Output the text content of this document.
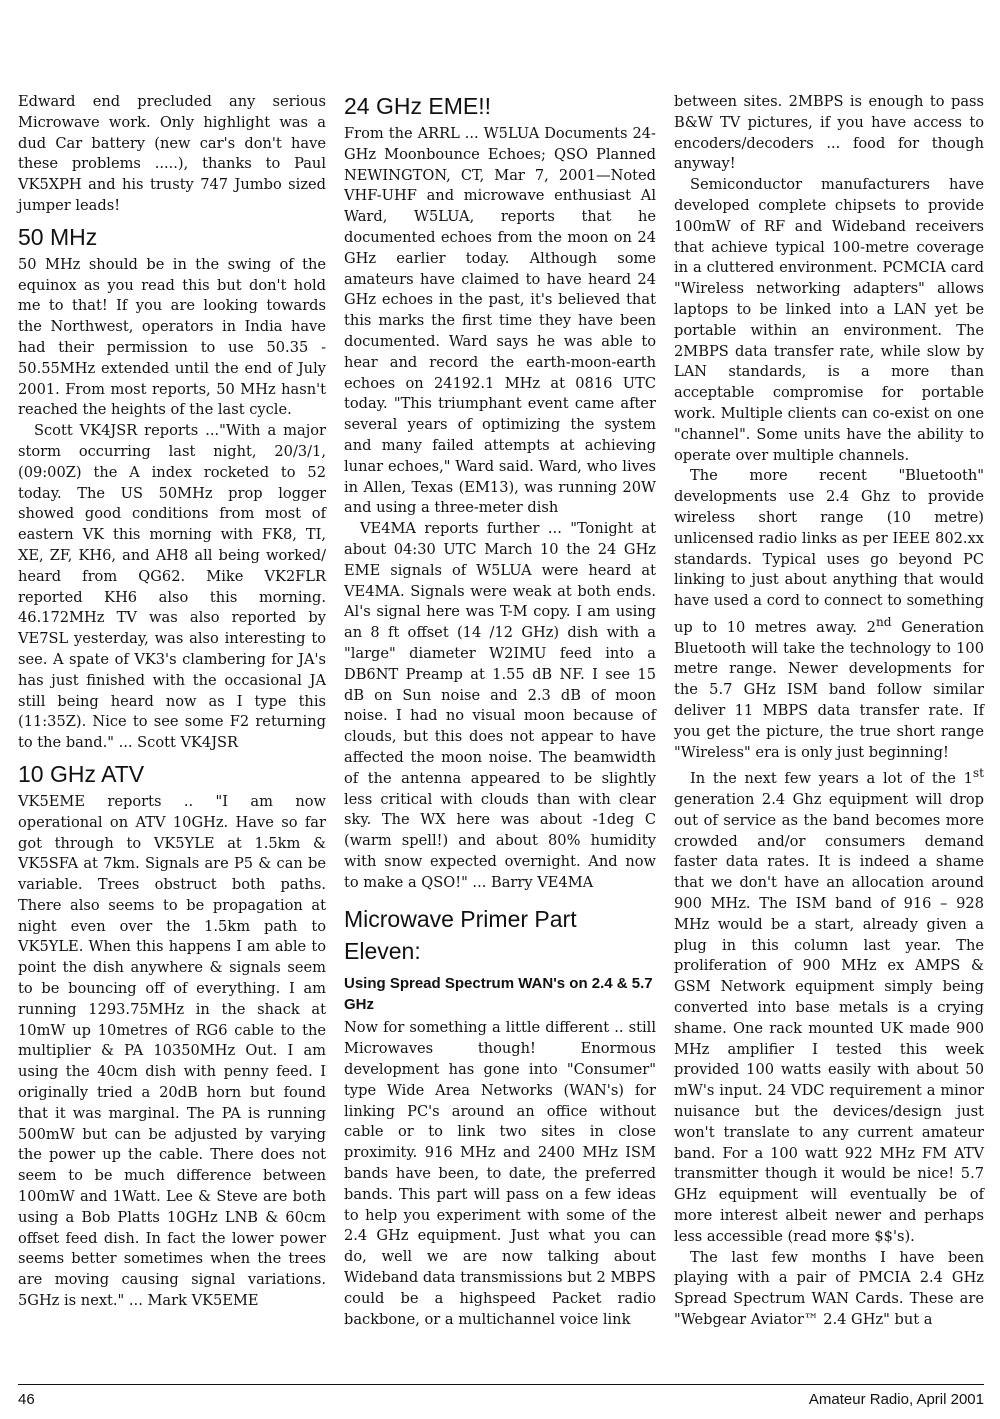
Edward end precluded any serious Microwave work. Only highlight was a dud Car battery (new car's don't have these problems .....), thanks to Paul VK5XPH and his trusty 747 Jumbo sized jumper leads!

50 MHz

50 MHz should be in the swing of the equinox as you read this but don't hold me to that! If you are looking towards the Northwest, operators in India have had their permission to use 50.35 - 50.55MHz extended until the end of July 2001. From most reports, 50 MHz hasn't reached the heights of the last cycle.

Scott VK4JSR reports ..."With a major storm occurring last night, 20/3/1, (09:00Z) the A index rocketed to 52 today. The US 50MHz prop logger showed good conditions from most of eastern VK this morning with FK8, TI, XE, ZF, KH6, and AH8 all being worked/ heard from QG62. Mike VK2FLR reported KH6 also this morning. 46.172MHz TV was also reported by VE7SL yesterday, was also interesting to see. A spate of VK3's clambering for JA's has just finished with the occasional JA still being heard now as I type this (11:35Z). Nice to see some F2 returning to the band." ... Scott VK4JSR

10 GHz ATV

VK5EME reports .. "I am now operational on ATV 10GHz. Have so far got through to VK5YLE at 1.5km & VK5SFA at 7km. Signals are P5 & can be variable. Trees obstruct both paths. There also seems to be propagation at night even over the 1.5km path to VK5YLE. When this happens I am able to point the dish anywhere & signals seem to be bouncing off of everything. I am running 1293.75MHz in the shack at 10mW up 10metres of RG6 cable to the multiplier & PA 10350MHz Out. I am using the 40cm dish with penny feed. I originally tried a 20dB horn but found that it was marginal. The PA is running 500mW but can be adjusted by varying the power up the cable. There does not seem to be much difference between 100mW and 1Watt. Lee & Steve are both using a Bob Platts 10GHz LNB & 60cm offset feed dish. In fact the lower power seems better sometimes when the trees are moving causing signal variations. 5GHz is next." ... Mark VK5EME

24 GHz EME!!

From the ARRL ... W5LUA Documents 24-GHz Moonbounce Echoes; QSO Planned NEWINGTON, CT, Mar 7, 2001—Noted VHF-UHF and microwave enthusiast Al Ward, W5LUA, reports that he documented echoes from the moon on 24 GHz earlier today. Although some amateurs have claimed to have heard 24 GHz echoes in the past, it's believed that this marks the first time they have been documented. Ward says he was able to hear and record the earth-moon-earth echoes on 24192.1 MHz at 0816 UTC today. "This triumphant event came after several years of optimizing the system and many failed attempts at achieving lunar echoes," Ward said. Ward, who lives in Allen, Texas (EM13), was running 20W and using a three-meter dish

VE4MA reports further ... "Tonight at about 04:30 UTC March 10 the 24 GHz EME signals of W5LUA were heard at VE4MA. Signals were weak at both ends. Al's signal here was T-M copy. I am using an 8 ft offset (14 /12 GHz) dish with a "large" diameter W2IMU feed into a DB6NT Preamp at 1.55 dB NF. I see 15 dB on Sun noise and 2.3 dB of moon noise. I had no visual moon because of clouds, but this does not appear to have affected the moon noise. The beamwidth of the antenna appeared to be slightly less critical with clouds than with clear sky. The WX here was about -1deg C (warm spell!) and about 80% humidity with snow expected overnight. And now to make a QSO!" ... Barry VE4MA

Microwave Primer Part Eleven:
Using Spread Spectrum WAN's on 2.4 & 5.7 GHz

Now for something a little different .. still Microwaves though! Enormous development has gone into "Consumer" type Wide Area Networks (WAN's) for linking PC's around an office without cable or to link two sites in close proximity. 916 MHz and 2400 MHz ISM bands have been, to date, the preferred bands. This part will pass on a few ideas to help you experiment with some of the 2.4 GHz equipment. Just what you can do, well we are now talking about Wideband data transmissions but 2 MBPS could be a highspeed Packet radio backbone, or a multichannel voice link

between sites. 2MBPS is enough to pass B&W TV pictures, if you have access to encoders/decoders ... food for though anyway!

Semiconductor manufacturers have developed complete chipsets to provide 100mW of RF and Wideband receivers that achieve typical 100-metre coverage in a cluttered environment. PCMCIA card "Wireless networking adapters" allows laptops to be linked into a LAN yet be portable within an environment. The 2MBPS data transfer rate, while slow by LAN standards, is a more than acceptable compromise for portable work. Multiple clients can co-exist on one "channel". Some units have the ability to operate over multiple channels.

The more recent "Bluetooth" developments use 2.4 Ghz to provide wireless short range (10 metre) unlicensed radio links as per IEEE 802.xx standards. Typical uses go beyond PC linking to just about anything that would have used a cord to connect to something up to 10 metres away. 2nd Generation Bluetooth will take the technology to 100 metre range. Newer developments for the 5.7 GHz ISM band follow similar deliver 11 MBPS data transfer rate. If you get the picture, the true short range "Wireless" era is only just beginning!

In the next few years a lot of the 1st generation 2.4 Ghz equipment will drop out of service as the band becomes more crowded and/or consumers demand faster data rates. It is indeed a shame that we don't have an allocation around 900 MHz. The ISM band of 916 – 928 MHz would be a start, already given a plug in this column last year. The proliferation of 900 MHz ex AMPS & GSM Network equipment simply being converted into base metals is a crying shame. One rack mounted UK made 900 MHz amplifier I tested this week provided 100 watts easily with about 50 mW's input. 24 VDC requirement a minor nuisance but the devices/design just won't translate to any current amateur band. For a 100 watt 922 MHz FM ATV transmitter though it would be nice! 5.7 GHz equipment will eventually be of more interest albeit newer and perhaps less accessible (read more $$'s).

The last few months I have been playing with a pair of PMCIA 2.4 GHz Spread Spectrum WAN Cards. These are "Webgear Aviator™ 2.4 GHz" but a

46	Amateur Radio, April 2001
